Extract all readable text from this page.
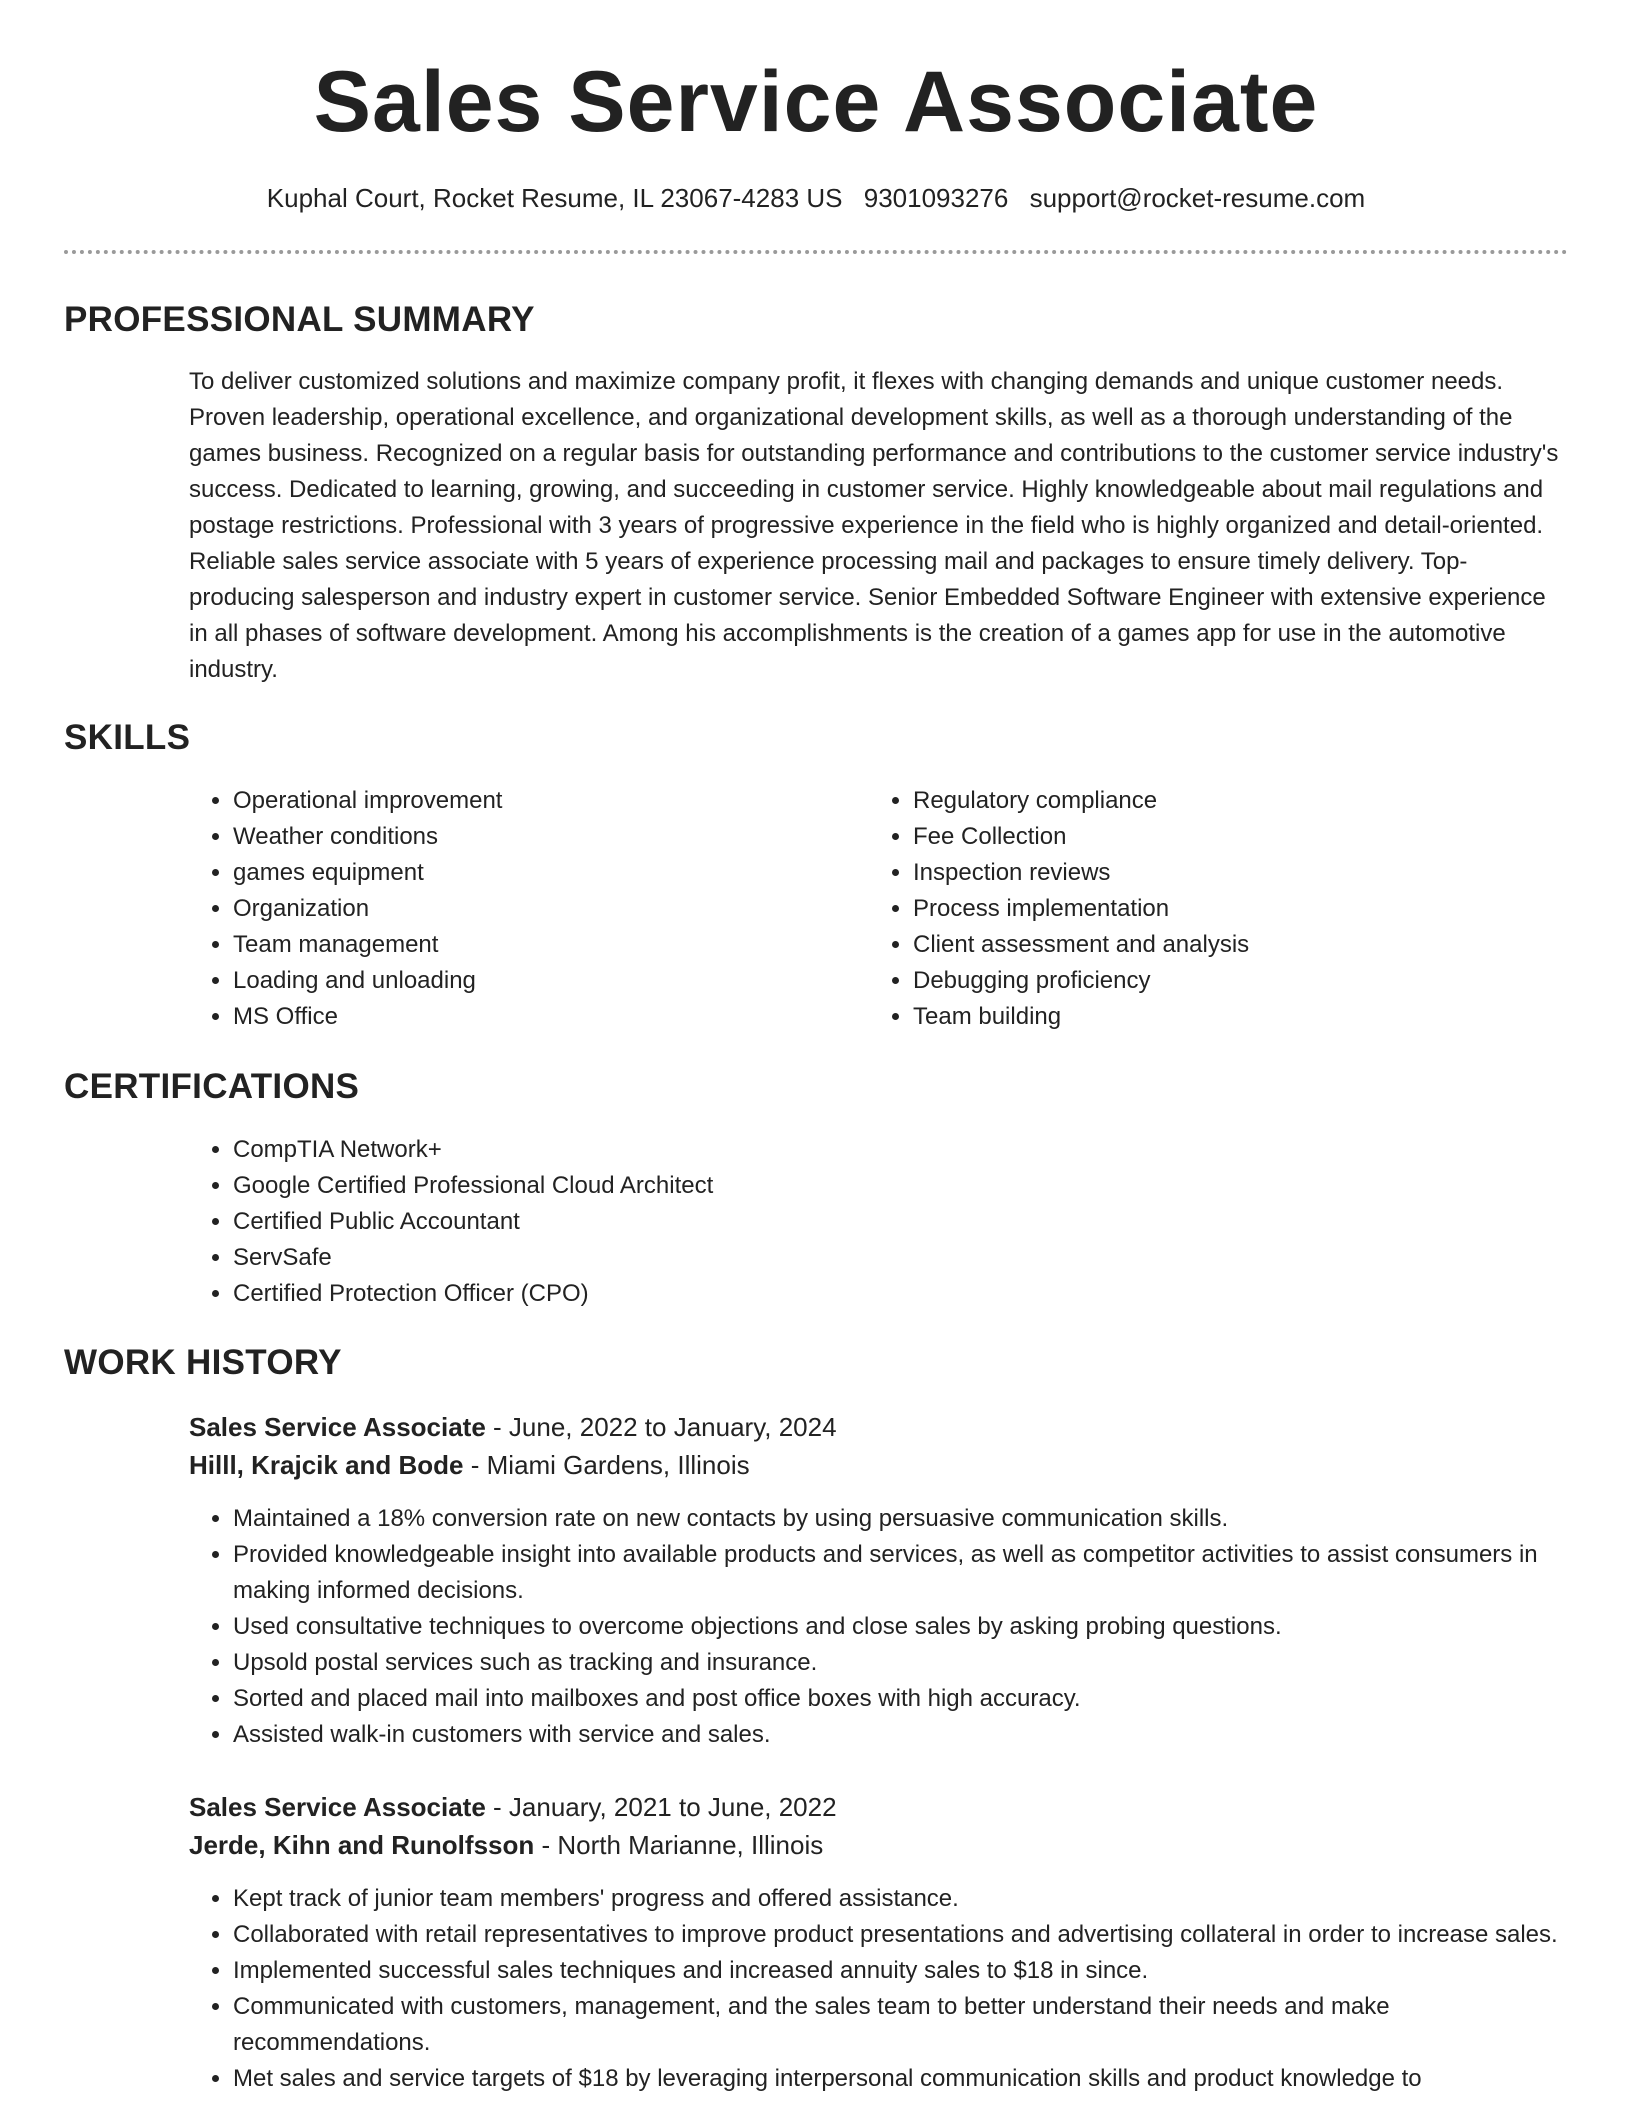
Sales Service Associate
Kuphal Court, Rocket Resume, IL 23067-4283 US 9301093276 support@rocket-resume.com
PROFESSIONAL SUMMARY

To deliver customized solutions and maximize company profit, it flexes with changing demands and unique customer needs. Proven leadership, operational excellence, and organizational development skills, as well as a thorough understanding of the games business. Recognized on a regular basis for outstanding performance and contributions to the customer service industry's success. Dedicated to learning, growing, and succeeding in customer service. Highly knowledgeable about mail regulations and postage restrictions. Professional with 3 years of progressive experience in the field who is highly organized and detail-oriented. Reliable sales service associate with 5 years of experience processing mail and packages to ensure timely delivery. Top-producing salesperson and industry expert in customer service. Senior Embedded Software Engineer with extensive experience in all phases of software development. Among his accomplishments is the creation of a games app for use in the automotive industry.

SKILLS
• Operational improvement
• Weather conditions
• games equipment
• Organization
• Team management
• Loading and unloading
• MS Office
• Regulatory compliance
• Fee Collection
• Inspection reviews
• Process implementation
• Client assessment and analysis
• Debugging proficiency
• Team building
CERTIFICATIONS
• CompTIA Network+
• Google Certified Professional Cloud Architect
• Certified Public Accountant
• ServSafe
• Certified Protection Officer (CPO)
WORK HISTORY
Sales Service Associate - June, 2022 to January, 2024
Hilll, Krajcik and Bode - Miami Gardens, Illinois
• Maintained a 18% conversion rate on new contacts by using persuasive communication skills.
• Provided knowledgeable insight into available products and services, as well as competitor activities to assist consumers in making informed decisions.
• Used consultative techniques to overcome objections and close sales by asking probing questions.
• Upsold postal services such as tracking and insurance.
• Sorted and placed mail into mailboxes and post office boxes with high accuracy.
• Assisted walk-in customers with service and sales.
Sales Service Associate - January, 2021 to June, 2022
Jerde, Kihn and Runolfsson - North Marianne, Illinois
• Kept track of junior team members' progress and offered assistance.
• Collaborated with retail representatives to improve product presentations and advertising collateral in order to increase sales.
• Implemented successful sales techniques and increased annuity sales to $18 in since.
• Communicated with customers, management, and the sales team to better understand their needs and make recommendations.
• Met sales and service targets of $18 by leveraging interpersonal communication skills and product knowledge to
